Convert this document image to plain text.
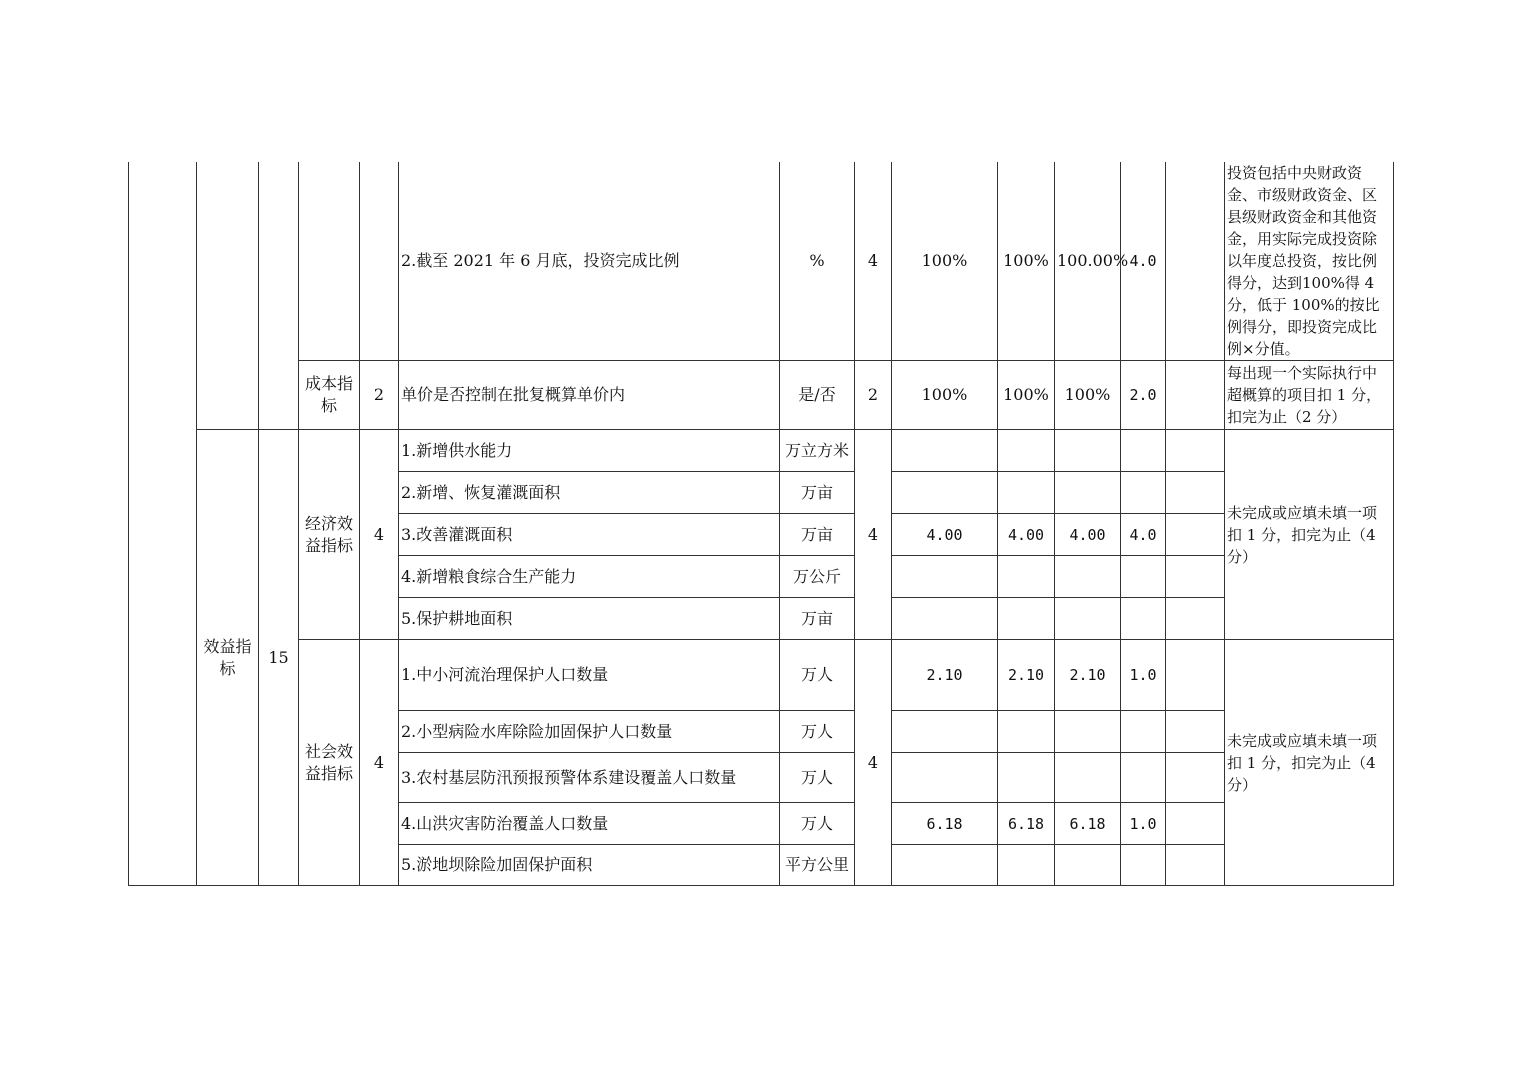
					2.截至 2021 年 6 月底，投资完成比例	%	4	100%	100%	100.00%	4.0		投资包括中央财政资金、市级财政资金、区县级财政资金和其他资金，用实际完成投资除以年度总投资，按比例得分，达到100%得 4 分，低于 100%的按比例得分，即投资完成比例×分值。
			成本指标	2	单价是否控制在批复概算单价内	是/否	2	100%	100%	100%	2.0		每出现一个实际执行中超概算的项目扣 1 分，扣完为止（2 分）
	效益指标	15	经济效益指标	4	1.新增供水能力	万立方米	4						未完成或应填未填一项扣 1 分，扣完为止（4分）
					2.新增、恢复灌溉面积	万亩							
					3.改善灌溉面积	万亩		4.00	4.00	4.00	4.0		
					4.新增粮食综合生产能力	万公斤							
					5.保护耕地面积	万亩							
			社会效益指标	4	1.中小河流治理保护人口数量	万人	4	2.10	2.10	2.10	1.0		未完成或应填未填一项扣 1 分，扣完为止（4分）
					2.小型病险水库除险加固保护人口数量	万人							
					3.农村基层防汛预报预警体系建设覆盖人口数量	万人							
					4.山洪灾害防治覆盖人口数量	万人		6.18	6.18	6.18	1.0		
					5.淤地坝除险加固保护面积	平方公里							
